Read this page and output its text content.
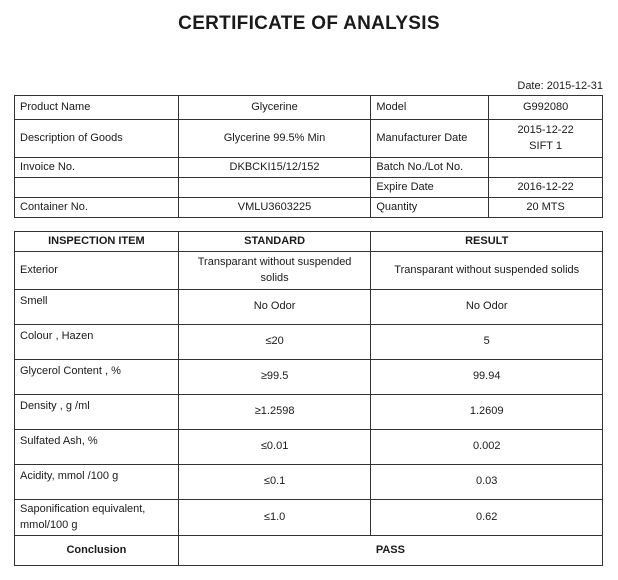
CERTIFICATE OF ANALYSIS
Date: 2015-12-31
Product Name	Glycerine	Model	G992080
Description of Goods	Glycerine 99.5% Min	Manufacturer Date	2015-12-22
SIFT 1

Invoice No.	DKBCKI15/12/152	Batch No./Lot No.	
		Expire Date	2016-12-22
Container No.	VMLU3603225	Quantity	20 MTS
INSPECTION ITEM	STANDARD	RESULT
Exterior	Transparant without suspended solids	Transparant without suspended solids
Smell	No Odor	No Odor
Colour , Hazen	≤20	5
Glycerol Content , %	≥99.5	99.94
Density , g /ml	≥1.2598	1.2609
Sulfated Ash, %	≤0.01	0.002
Acidity, mmol /100 g	≤0.1	0.03
Saponification equivalent, mmol/100 g	≤1.0	0.62
Conclusion	PASS	
